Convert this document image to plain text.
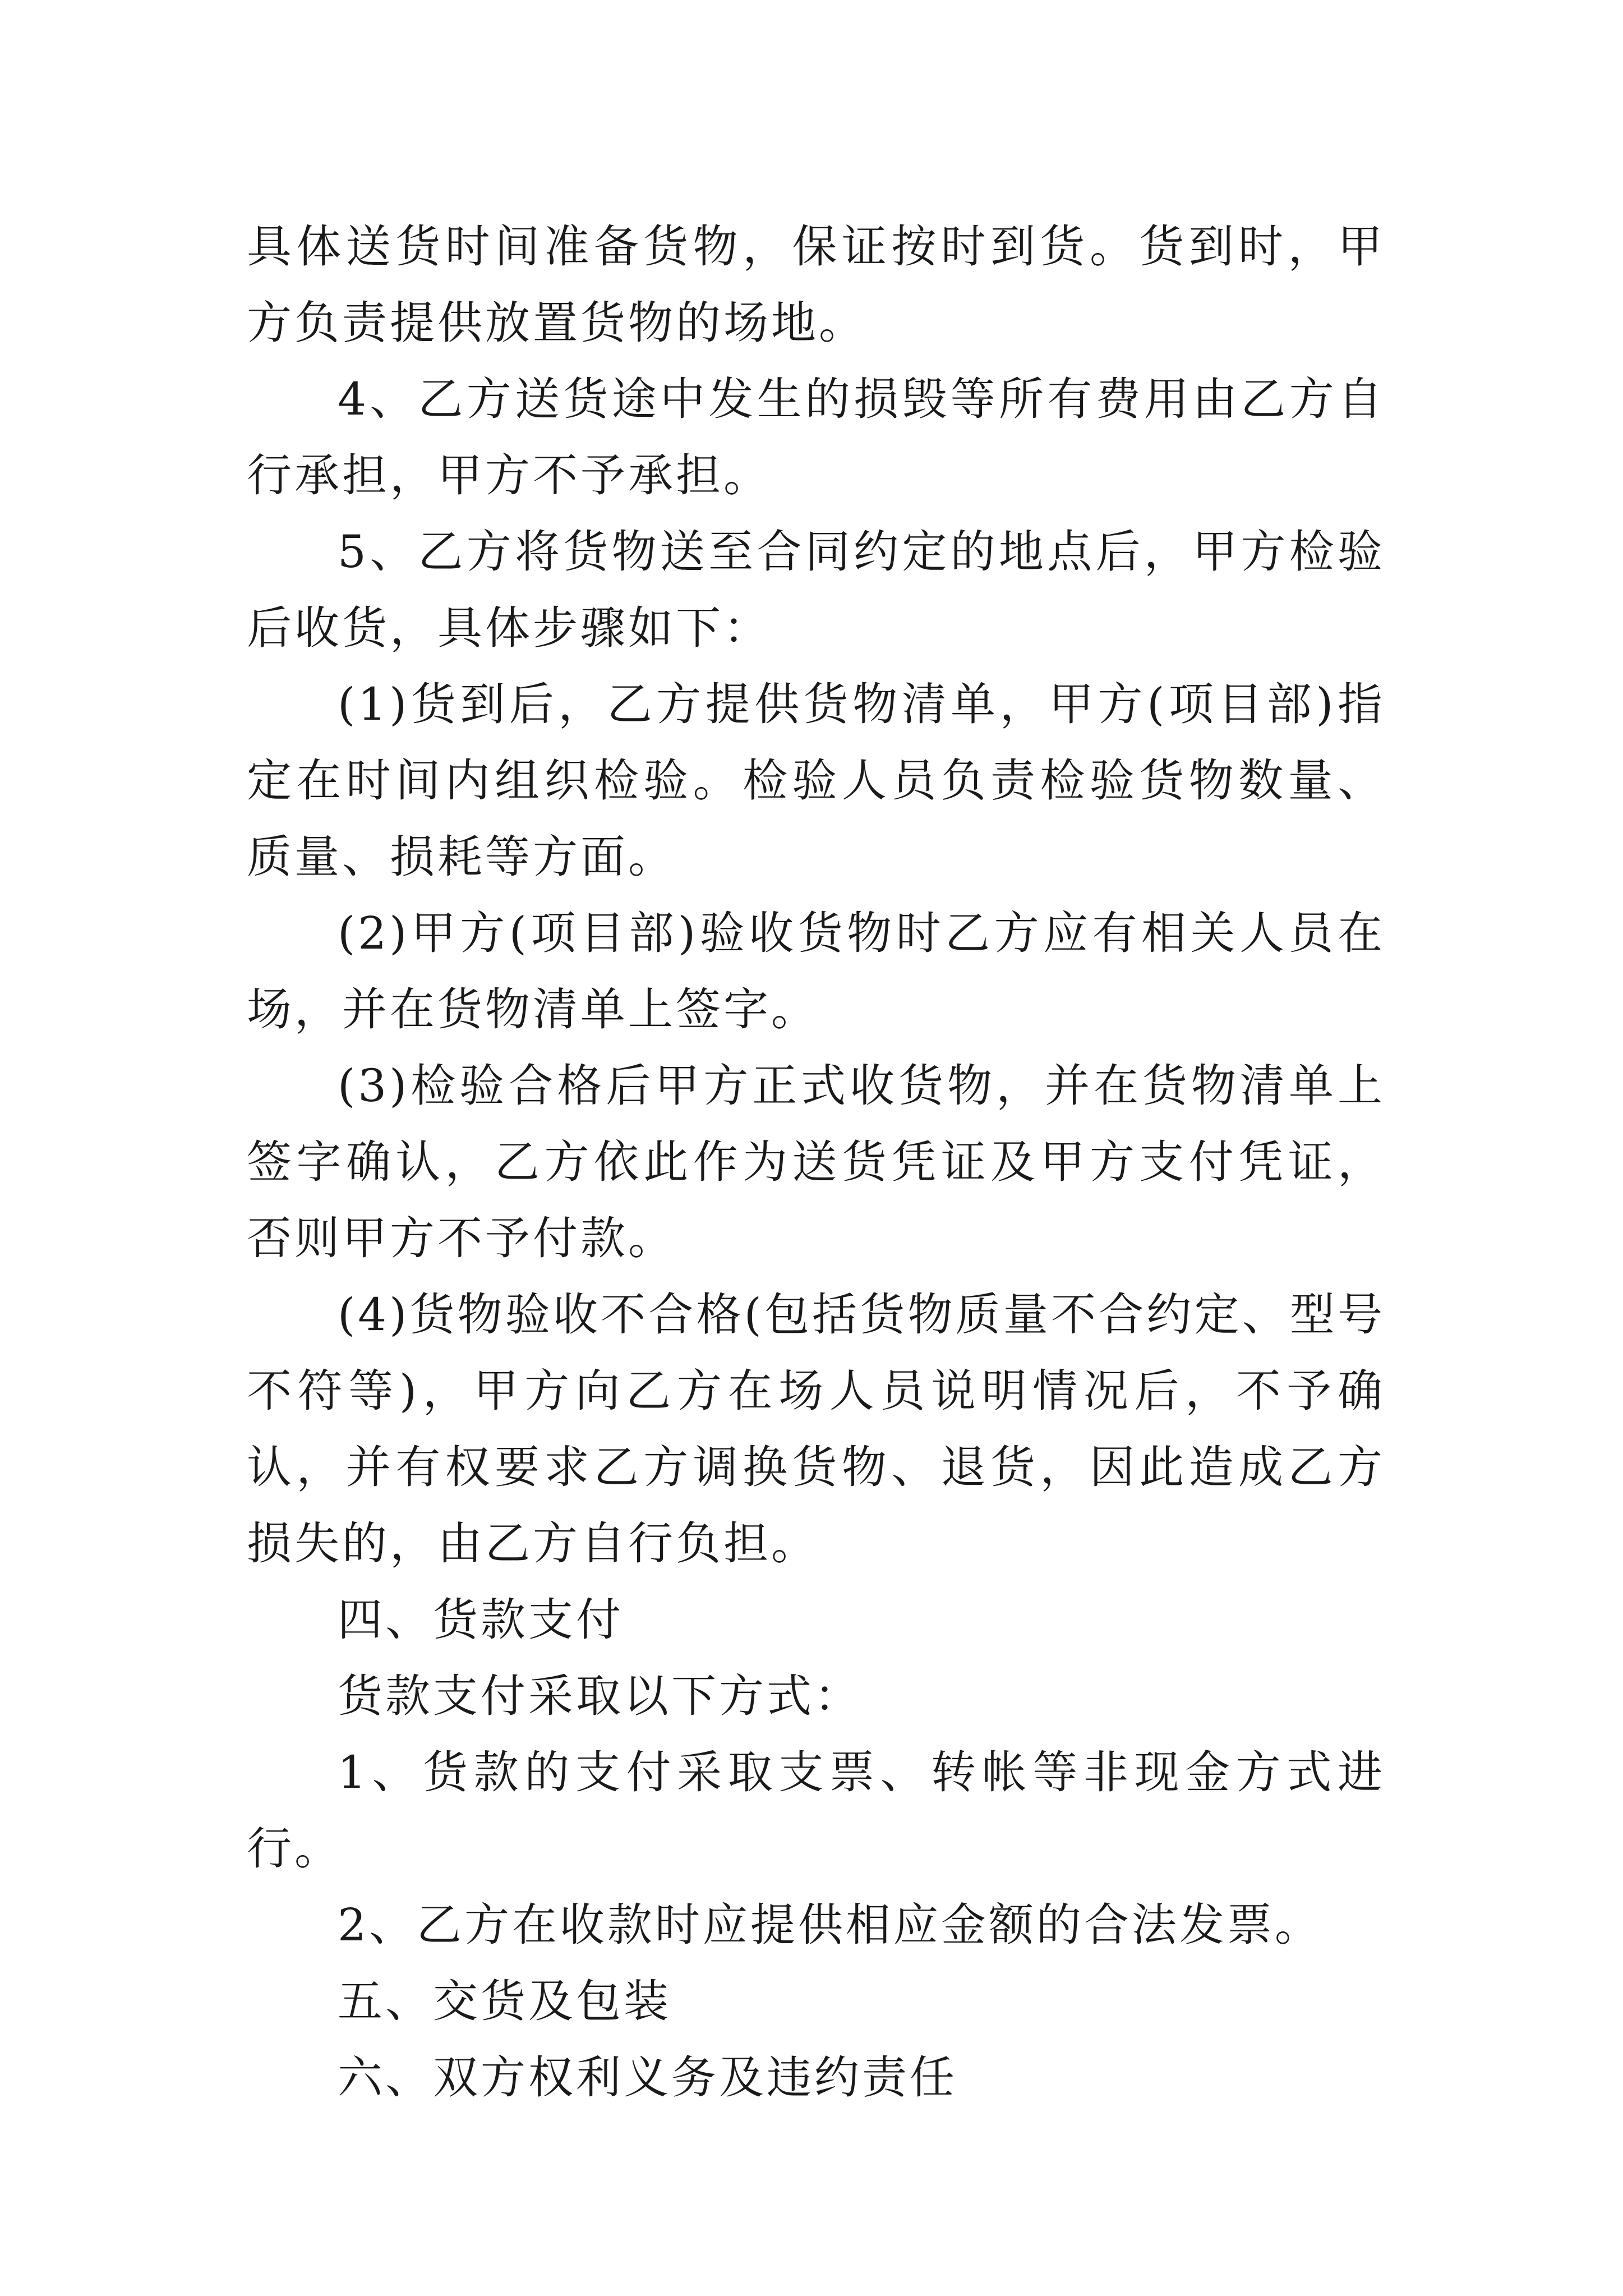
具体送货时间准备货物，保证按时到货。货到时，甲方负责提供放置货物的场地。

4、乙方送货途中发生的损毁等所有费用由乙方自行承担，甲方不予承担。

5、乙方将货物送至合同约定的地点后，甲方检验后收货，具体步骤如下：

(1)货到后，乙方提供货物清单，甲方(项目部)指定在时间内组织检验。检验人员负责检验货物数量、质量、损耗等方面。

(2)甲方(项目部)验收货物时乙方应有相关人员在场，并在货物清单上签字。

(3)检验合格后甲方正式收货物，并在货物清单上签字确认，乙方依此作为送货凭证及甲方支付凭证，否则甲方不予付款。

(4)货物验收不合格(包括货物质量不合约定、型号不符等)，甲方向乙方在场人员说明情况后，不予确认，并有权要求乙方调换货物、退货，因此造成乙方损失的，由乙方自行负担。

四、货款支付

货款支付采取以下方式：

1、货款的支付采取支票、转帐等非现金方式进行。

2、乙方在收款时应提供相应金额的合法发票。

五、交货及包装

六、双方权利义务及违约责任
